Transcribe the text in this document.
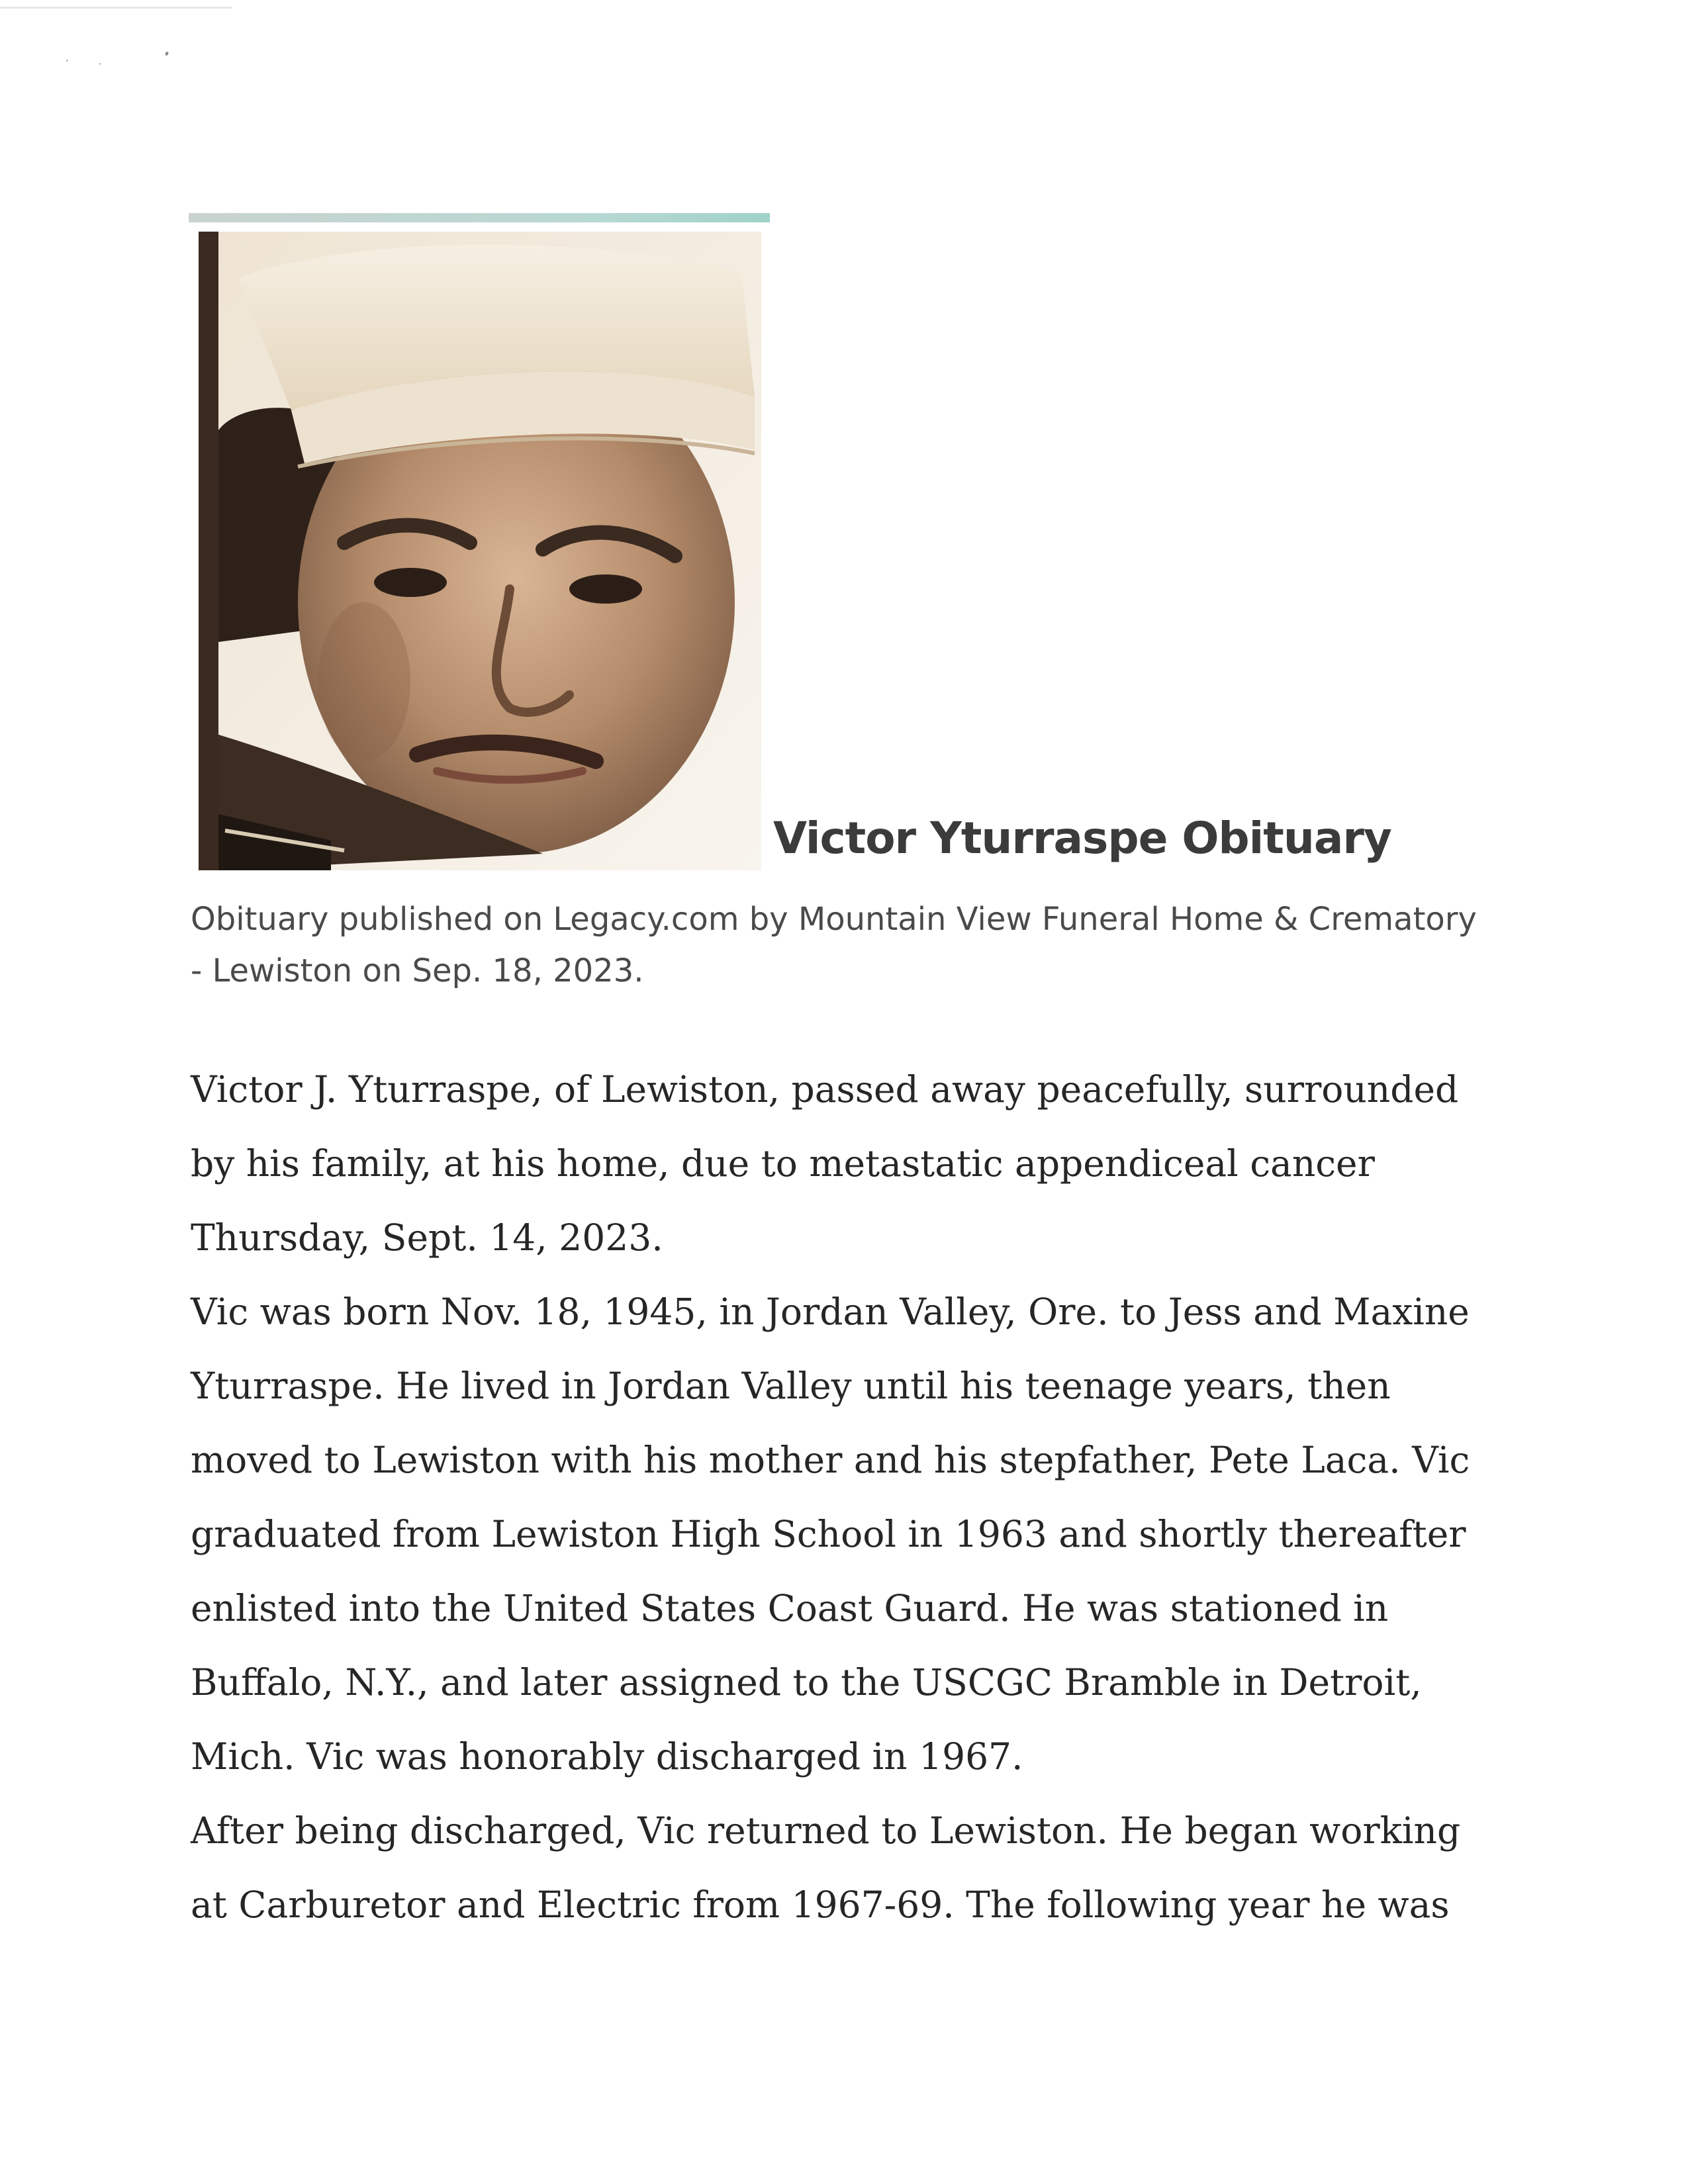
Victor Yturraspe Obituary

Obituary published on Legacy.com by Mountain View Funeral Home & Crematory - Lewiston on Sep. 18, 2023.

Victor J. Yturraspe, of Lewiston, passed away peacefully, surrounded by his family, at his home, due to metastatic appendiceal cancer Thursday, Sept. 14, 2023.

Vic was born Nov. 18, 1945, in Jordan Valley, Ore. to Jess and Maxine Yturraspe. He lived in Jordan Valley until his teenage years, then moved to Lewiston with his mother and his stepfather, Pete Laca. Vic graduated from Lewiston High School in 1963 and shortly thereafter enlisted into the United States Coast Guard. He was stationed in Buffalo, N.Y., and later assigned to the USCGC Bramble in Detroit, Mich. Vic was honorably discharged in 1967.

After being discharged, Vic returned to Lewiston. He began working at Carburetor and Electric from 1967-69. The following year he was
